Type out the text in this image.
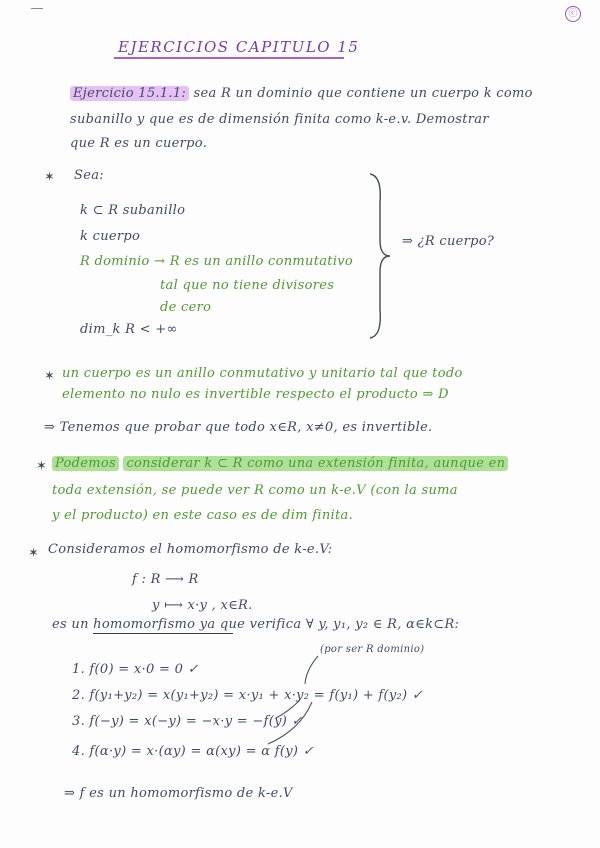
ⓒ
EJERCICIOS CAPITULO 15
Ejercicio 15.1.1: sea R un dominio que contiene un cuerpo k como
subanillo y que es de dimensión finita como k-e.v. Demostrar
que R es un cuerpo.
✶ Sea:
k ⊂ R subanillo
k cuerpo
R dominio → R es un anillo conmutativo
tal que no tiene divisores
de cero
dim_k R < +∞
⇒ ¿R cuerpo?
✶ un cuerpo es un anillo conmutativo y unitario tal que todo
elemento no nulo es invertible respecto el producto ⇒ D
⇒ Tenemos que probar que todo x∈R, x≠0, es invertible.
✶ Podemos considerar k ⊂ R como una extensión finita, aunque en
toda extensión, se puede ver R como un k-e.V (con la suma
y el producto) en este caso es de dim finita.
✶ Consideramos el homomorfismo de k-e.V:
f : R ⟶ R
y ⟼ x·y , x∈R.
es un homomorfismo ya que verifica ∀ y, y₁, y₂ ∈ R, α∈k⊂R:
(por ser R dominio)
1. f(0) = x·0 = 0 ✓
2. f(y₁+y₂) = x(y₁+y₂) = x·y₁ + x·y₂ = f(y₁) + f(y₂) ✓
3. f(−y) = x(−y) = −x·y = −f(y) ✓
4. f(α·y) = x·(αy) = α(xy) = α f(y) ✓
⇒ f es un homomorfismo de k-e.V
